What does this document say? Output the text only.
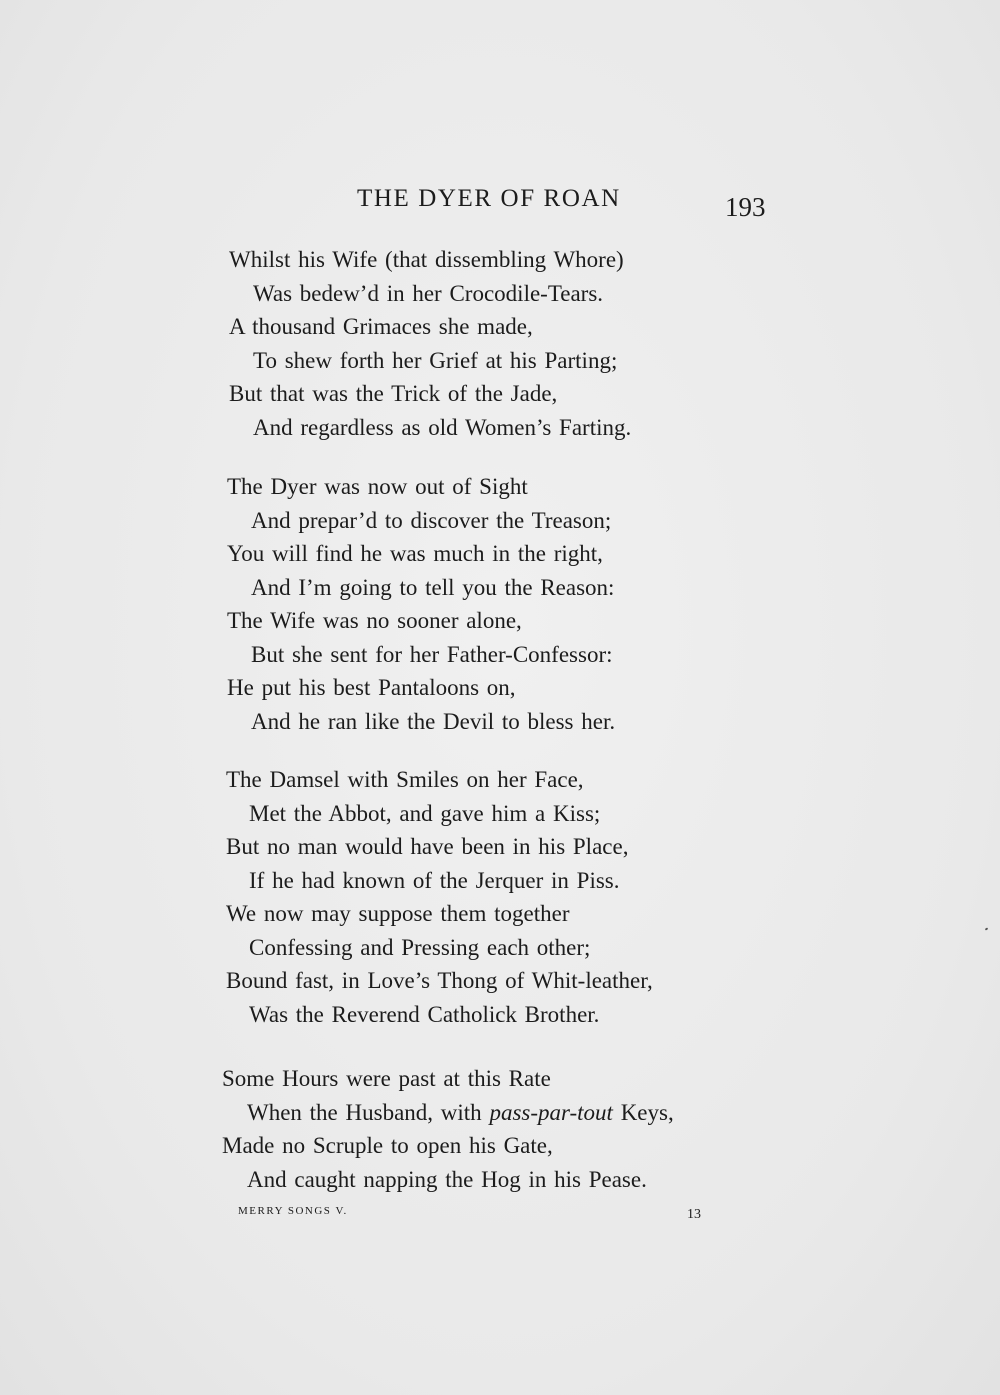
THE DYER OF ROAN	193
Whilst his Wife (that dissembling Whore)
Was bedew’d in her Crocodile-Tears.
A thousand Grimaces she made,
To shew forth her Grief at his Parting;
But that was the Trick of the Jade,
And regardless as old Women’s Farting.
The Dyer was now out of Sight
And prepar’d to discover the Treason;
You will find he was much in the right,
And I’m going to tell you the Reason:
The Wife was no sooner alone,
But she sent for her Father-Confessor:
He put his best Pantaloons on,
And he ran like the Devil to bless her.
The Damsel with Smiles on her Face,
Met the Abbot, and gave him a Kiss;
But no man would have been in his Place,
If he had known of the Jerquer in Piss.
We now may suppose them together
Confessing and Pressing each other;
Bound fast, in Love’s Thong of Whit-leather,
Was the Reverend Catholick Brother.
Some Hours were past at this Rate
When the Husband, with pass-par-tout Keys,
Made no Scruple to open his Gate,
And caught napping the Hog in his Pease.
MERRY SONGS V.	13
